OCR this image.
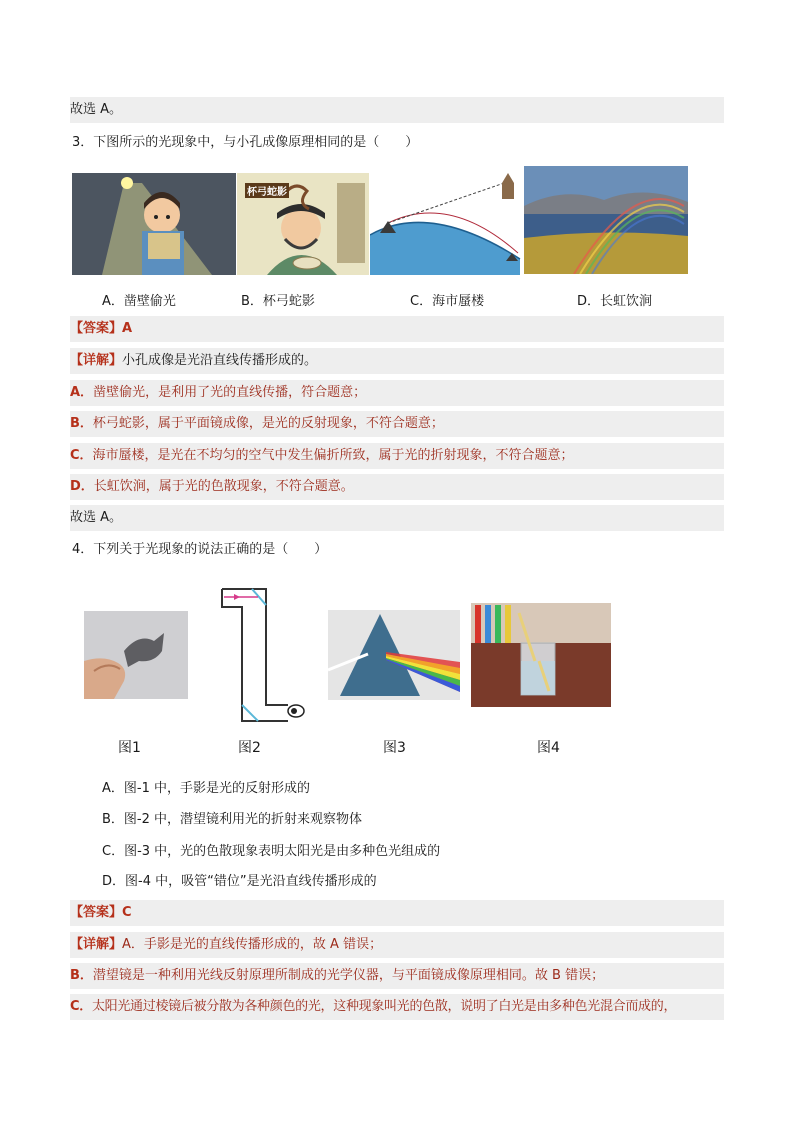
故选 A。
3．下图所示的光现象中，与小孔成像原理相同的是（　　）
杯弓蛇影
A．凿壁偷光	B．杯弓蛇影	C．海市蜃楼	D．长虹饮涧
【答案】A
【详解】小孔成像是光沿直线传播形成的。
A．凿壁偷光，是利用了光的直线传播，符合题意；
B．杯弓蛇影，属于平面镜成像，是光的反射现象，不符合题意；
C．海市蜃楼，是光在不均匀的空气中发生偏折所致，属于光的折射现象，不符合题意；
D．长虹饮涧，属于光的色散现象，不符合题意。
故选 A。
4．下列关于光现象的说法正确的是（　　）
图1	图2	图3	图4
A．图-1 中，手影是光的反射形成的
B．图-2 中，潜望镜利用光的折射来观察物体
C．图-3 中，光的色散现象表明太阳光是由多种色光组成的
D．图-4 中，吸管“错位”是光沿直线传播形成的
【答案】C
【详解】A．手影是光的直线传播形成的，故 A 错误；
B．潜望镜是一种利用光线反射原理所制成的光学仪器，与平面镜成像原理相同。故 B 错误；
C．太阳光通过棱镜后被分散为各种颜色的光，这种现象叫光的色散，说明了白光是由多种色光混合而成的，
